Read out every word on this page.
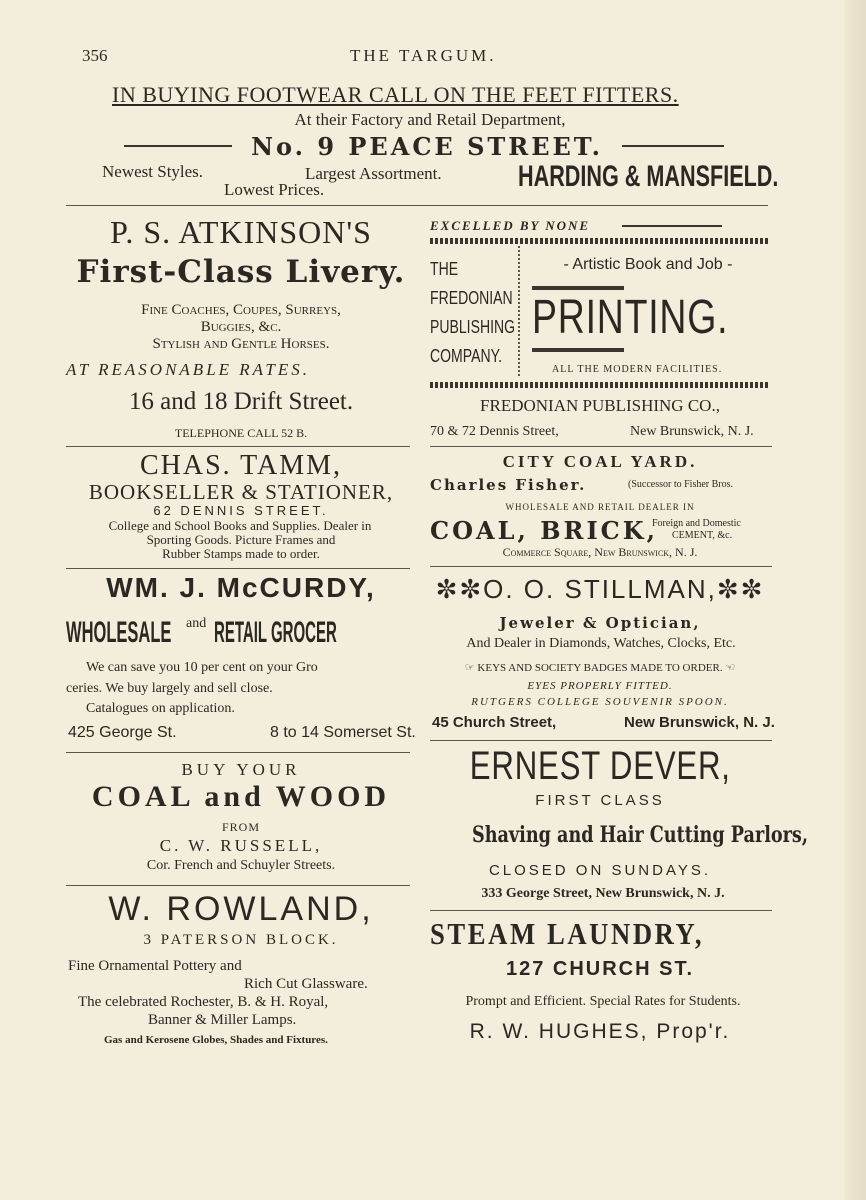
356	THE TARGUM.
IN BUYING FOOTWEAR CALL ON THE FEET FITTERS.
At their Factory and Retail Department,
No. 9 PEACE STREET.
Newest Styles.	Largest Assortment.
Lowest Prices.	HARDING & MANSFIELD.
P. S. ATKINSON'S
First-Class Livery.
Fine Coaches, Coupes, Surreys,
Buggies, &c.
Stylish and Gentle Horses.
AT REASONABLE RATES.
16 and 18 Drift Street.
TELEPHONE CALL 52 B.
EXCELLED BY NONE
THE
FREDONIAN
PUBLISHING
COMPANY.
- Artistic Book and Job -
PRINTING.
ALL THE MODERN FACILITIES.
FREDONIAN PUBLISHING CO.,
70 & 72 Dennis Street,	New Brunswick, N. J.
CHAS. TAMM,
BOOKSELLER & STATIONER,
62 DENNIS STREET.
College and School Books and Supplies. Dealer in
Sporting Goods. Picture Frames and
Rubber Stamps made to order.
CITY COAL YARD.
Charles Fisher.	(Successor to Fisher Bros.
WHOLESALE AND RETAIL DEALER IN
COAL, BRICK,
Foreign and Domestic
CEMENT, &c.
Commerce Square, New Brunswick, N. J.
WM. J. McCURDY,
WHOLESALE $^{and}$ RETAIL GROCER
We can save you 10 per cent on your Gro
ceries. We buy largely and sell close.
Catalogues on application.
425 George St.	8 to 14 Somerset St.
✼✼O. O. STILLMAN,✼✼
Jeweler & Optician,
And Dealer in Diamonds, Watches, Clocks, Etc.
☞ KEYS AND SOCIETY BADGES MADE TO ORDER. ☜
EYES PROPERLY FITTED.
RUTGERS COLLEGE SOUVENIR SPOON.
45 Church Street,	New Brunswick, N. J.
BUY YOUR
COAL and WOOD
FROM
C. W. RUSSELL,
Cor. French and Schuyler Streets.
ERNEST DEVER,
FIRST CLASS
Shaving and Hair Cutting Parlors,
CLOSED ON SUNDAYS.
333 George Street, New Brunswick, N. J.
W. ROWLAND,
3 PATERSON BLOCK.
Fine Ornamental Pottery and
Rich Cut Glassware.
The celebrated Rochester, B. & H. Royal,
Banner & Miller Lamps.
Gas and Kerosene Globes, Shades and Fixtures.
STEAM LAUNDRY,
127 CHURCH ST.
Prompt and Efficient. Special Rates for Students.
R. W. HUGHES, Prop'r.
